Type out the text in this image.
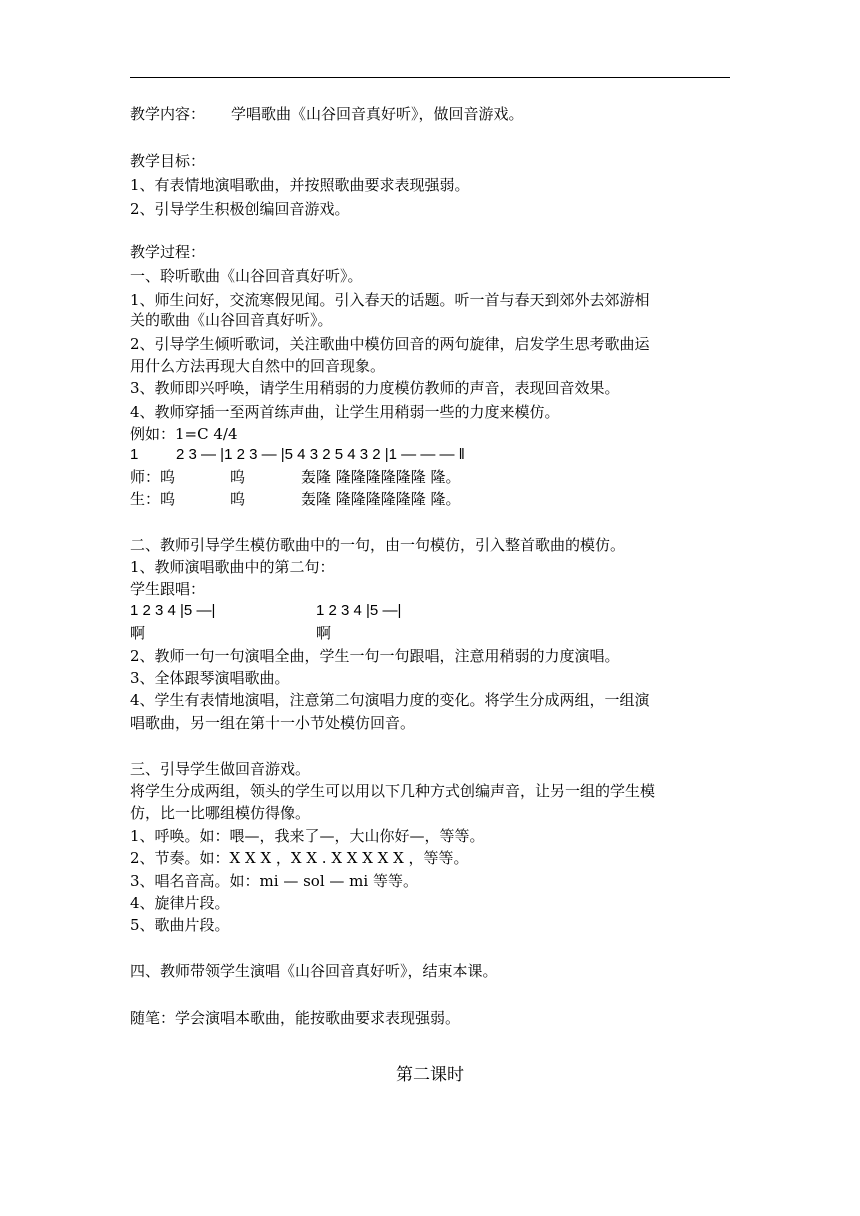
教学内容： 学唱歌曲《山谷回音真好听》，做回音游戏。
教学目标：
1、有表情地演唱歌曲，并按照歌曲要求表现强弱。
2、引导学生积极创编回音游戏。
教学过程：
一、聆听歌曲《山谷回音真好听》。
1、师生问好，交流寒假见闻。引入春天的话题。听一首与春天到郊外去郊游相
关的歌曲《山谷回音真好听》。
2、引导学生倾听歌词，关注歌曲中模仿回音的两句旋律，启发学生思考歌曲运
用什么方法再现大自然中的回音现象。
3、教师即兴呼唤，请学生用稍弱的力度模仿教师的声音，表现回音效果。
4、教师穿插一至两首练声曲，让学生用稍弱一些的力度来模仿。
例如：1=C 4/4
1	2 3 — |1 2 3 — |5 4 3 2 5 4 3 2 |1 — — — ‖
师：呜	呜	轰隆 隆隆隆隆隆隆 隆。
生：呜	呜	轰隆 隆隆隆隆隆隆 隆。
二、教师引导学生模仿歌曲中的一句，由一句模仿，引入整首歌曲的模仿。
1、教师演唱歌曲中的第二句：
学生跟唱：
1 2 3 4 |5 —|	1 2 3 4 |5 —|
啊	啊
2、教师一句一句演唱全曲，学生一句一句跟唱，注意用稍弱的力度演唱。
3、全体跟琴演唱歌曲。
4、学生有表情地演唱，注意第二句演唱力度的变化。将学生分成两组，一组演
唱歌曲，另一组在第十一小节处模仿回音。
三、引导学生做回音游戏。
将学生分成两组，领头的学生可以用以下几种方式创编声音，让另一组的学生模
仿，比一比哪组模仿得像。
1、呼唤。如：喂—，我来了—，大山你好—，等等。
2、节奏。如：X X X ，X X . X X X X X ，等等。
3、唱名音高。如：mi — sol — mi 等等。
4、旋律片段。
5、歌曲片段。
四、教师带领学生演唱《山谷回音真好听》，结束本课。
随笔：学会演唱本歌曲，能按歌曲要求表现强弱。
第二课时
